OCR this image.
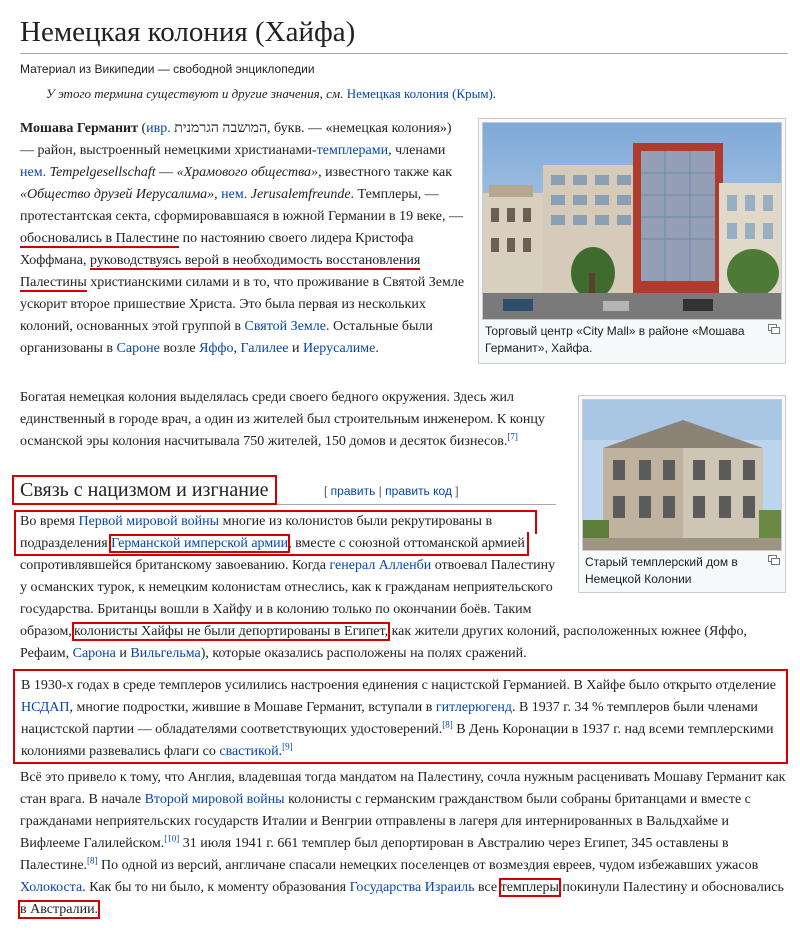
Немецкая колония (Хайфа)
Материал из Википедии — свободной энциклопедии
У этого термина существуют и другие значения, см. Немецкая колония (Крым).

Мошава Германит (ивр. המושבה הגרמנית‎, букв. — «немецкая колония») — район, выстроенный немецкими христианами-темплерами, членами нем. Tempelgesellschaft — «Храмового общества», известного также как «Общество друзей Иерусалима», нем. Jerusalemfreunde. Темплеры, — протестантская секта, сформировавшаяся в южной Германии в 19 веке, — обосновались в Палестине по настоянию своего лидера Кристофа Хоффмана, руководствуясь верой в необходимость восстановления Палестины христианскими силами и в то, что проживание в Святой Земле ускорит второе пришествие Христа. Это была первая из нескольких колоний, основанных этой группой в Святой Земле. Остальные были организованы в Сароне возле Яффо, Галилее и Иерусалиме.

Торговый центр «City Mall» в районе «Мошава Германит», Хайфа.

Богатая немецкая колония выделялась среди своего бедного окружения. Здесь жил единственный в городе врач, а один из жителей был строительным инженером. К концу османской эры колония насчитывала 750 жителей, 150 домов и десяток бизнесов.[7]

Старый темплерский дом в Немецкой Колонии
Связь с нацизмом и изгнание	[ править | править код ]

Во время Первой мировой войны многие из колонистов были рекрутированы в подразделения Германской имперской армии, вместе с союзной оттоманской армией сопротивлявшейся британскому завоеванию. Когда генерал Алленби отвоевал Палестину у османских турок, к немецким колонистам отнеслись, как к гражданам неприятельского государства. Британцы вошли в Хайфу и в колонию только по окончании боёв. Таким образом, колонисты Хайфы не были депортированы в Египет, как жители других колоний, расположенных южнее (Яффо, Рефаим, Сарона и Вильгельма), которые оказались расположены на полях сражений.

В 1930-х годах в среде темплеров усилились настроения единения с нацистской Германией. В Хайфе было открыто отделение НСДАП, многие подростки, жившие в Мошаве Германит, вступали в гитлерюгенд. В 1937 г. 34 % темплеров были членами нацистской партии — обладателями соответствующих удостоверений.[8] В День Коронации в 1937 г. над всеми темплерскими колониями развевались флаги со свастикой.[9]

Всё это привело к тому, что Англия, владевшая тогда мандатом на Палестину, сочла нужным расценивать Мошаву Германит как стан врага. В начале Второй мировой войны колонисты с германским гражданством были собраны британцами и вместе с гражданами неприятельских государств Италии и Венгрии отправлены в лагеря для интернированных в Вальдхайме и Вифлееме Галилейском.[10] 31 июля 1941 г. 661 темплер был депортирован в Австралию через Египет, 345 оставлены в Палестине.[8] По одной из версий, англичане спасали немецких поселенцев от возмездия евреев, чудом избежавших ужасов Холокоста. Как бы то ни было, к моменту образования Государства Израиль все темплеры покинули Палестину и обосновались в Австралии.
